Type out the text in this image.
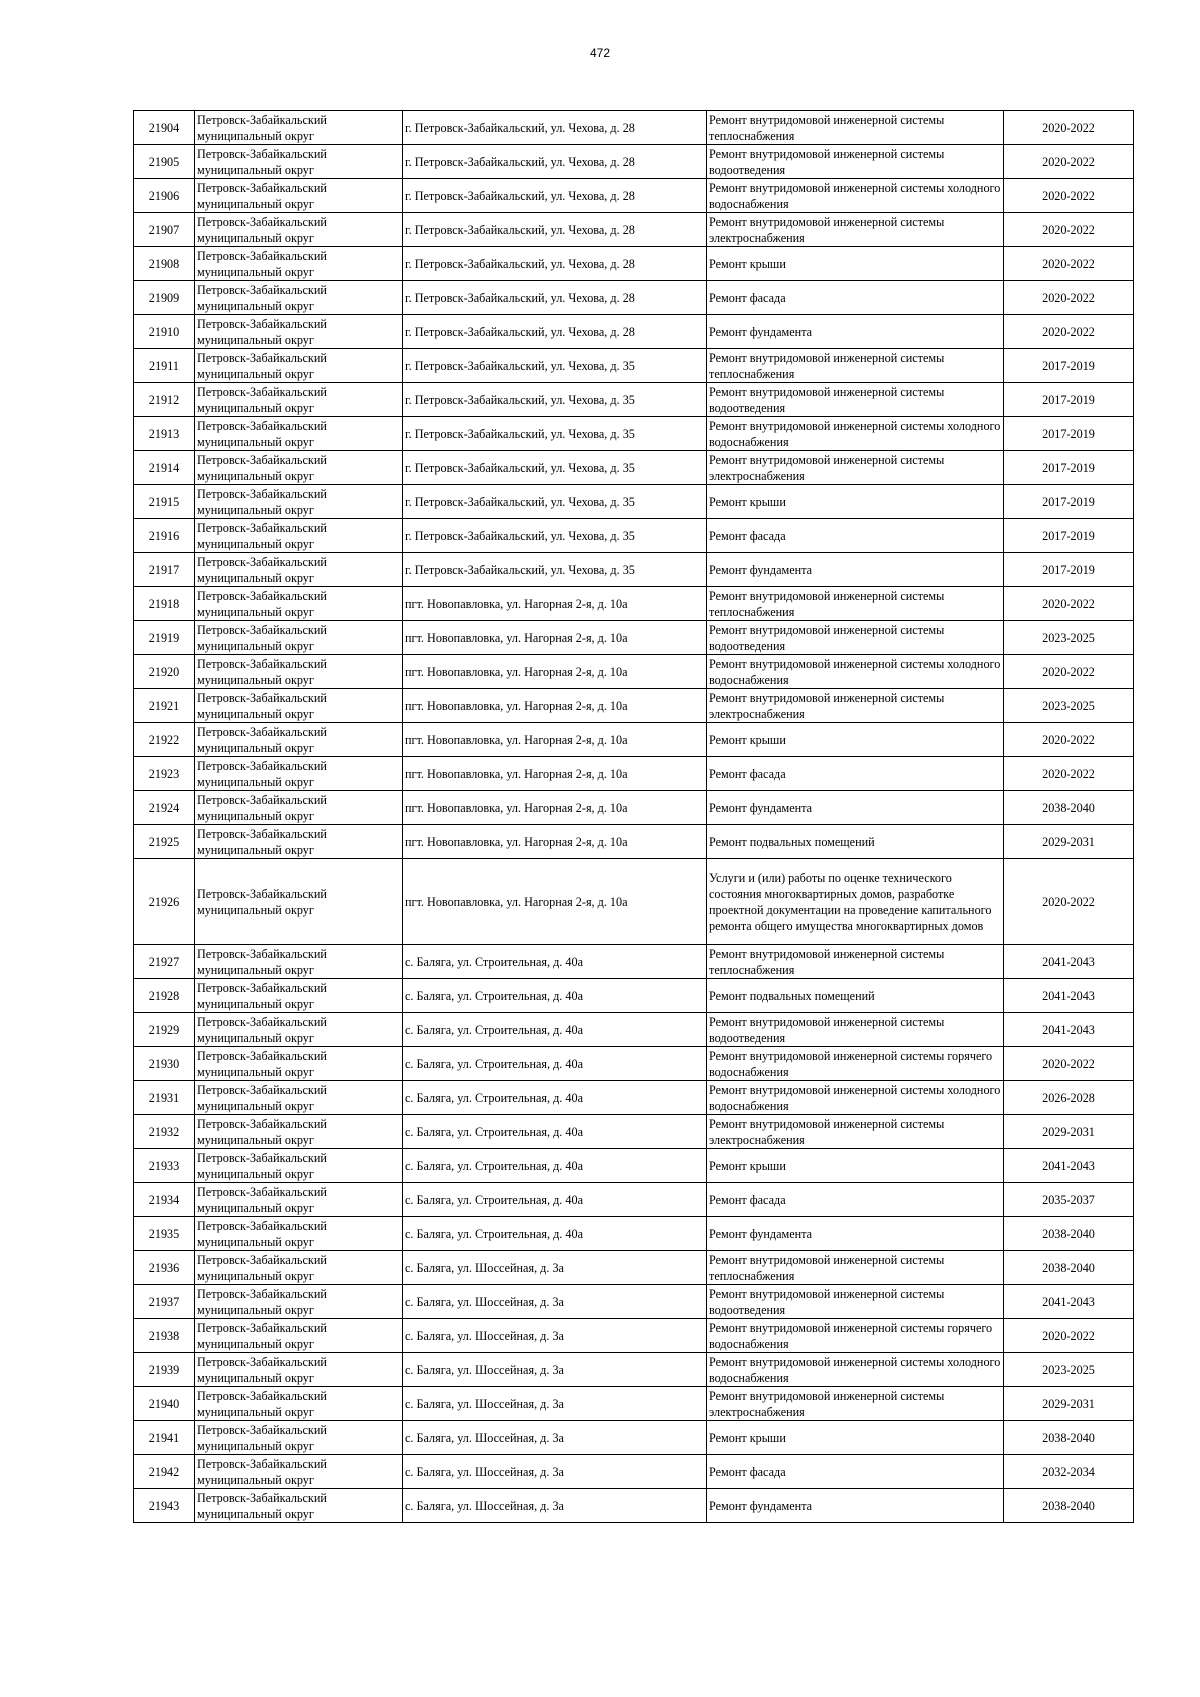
472
21904	Петровск-Забайкальский муниципальный округ	г. Петровск-Забайкальский, ул. Чехова, д. 28	Ремонт внутридомовой инженерной системы теплоснабжения	2020-2022
21905	Петровск-Забайкальский муниципальный округ	г. Петровск-Забайкальский, ул. Чехова, д. 28	Ремонт внутридомовой инженерной системы водоотведения	2020-2022
21906	Петровск-Забайкальский муниципальный округ	г. Петровск-Забайкальский, ул. Чехова, д. 28	Ремонт внутридомовой инженерной системы холодного водоснабжения	2020-2022
21907	Петровск-Забайкальский муниципальный округ	г. Петровск-Забайкальский, ул. Чехова, д. 28	Ремонт внутридомовой инженерной системы электроснабжения	2020-2022
21908	Петровск-Забайкальский муниципальный округ	г. Петровск-Забайкальский, ул. Чехова, д. 28	Ремонт крыши	2020-2022
21909	Петровск-Забайкальский муниципальный округ	г. Петровск-Забайкальский, ул. Чехова, д. 28	Ремонт фасада	2020-2022
21910	Петровск-Забайкальский муниципальный округ	г. Петровск-Забайкальский, ул. Чехова, д. 28	Ремонт фундамента	2020-2022
21911	Петровск-Забайкальский муниципальный округ	г. Петровск-Забайкальский, ул. Чехова, д. 35	Ремонт внутридомовой инженерной системы теплоснабжения	2017-2019
21912	Петровск-Забайкальский муниципальный округ	г. Петровск-Забайкальский, ул. Чехова, д. 35	Ремонт внутридомовой инженерной системы водоотведения	2017-2019
21913	Петровск-Забайкальский муниципальный округ	г. Петровск-Забайкальский, ул. Чехова, д. 35	Ремонт внутридомовой инженерной системы холодного водоснабжения	2017-2019
21914	Петровск-Забайкальский муниципальный округ	г. Петровск-Забайкальский, ул. Чехова, д. 35	Ремонт внутридомовой инженерной системы электроснабжения	2017-2019
21915	Петровск-Забайкальский муниципальный округ	г. Петровск-Забайкальский, ул. Чехова, д. 35	Ремонт крыши	2017-2019
21916	Петровск-Забайкальский муниципальный округ	г. Петровск-Забайкальский, ул. Чехова, д. 35	Ремонт фасада	2017-2019
21917	Петровск-Забайкальский муниципальный округ	г. Петровск-Забайкальский, ул. Чехова, д. 35	Ремонт фундамента	2017-2019
21918	Петровск-Забайкальский муниципальный округ	пгт. Новопавловка, ул. Нагорная 2-я, д. 10а	Ремонт внутридомовой инженерной системы теплоснабжения	2020-2022
21919	Петровск-Забайкальский муниципальный округ	пгт. Новопавловка, ул. Нагорная 2-я, д. 10а	Ремонт внутридомовой инженерной системы водоотведения	2023-2025
21920	Петровск-Забайкальский муниципальный округ	пгт. Новопавловка, ул. Нагорная 2-я, д. 10а	Ремонт внутридомовой инженерной системы холодного водоснабжения	2020-2022
21921	Петровск-Забайкальский муниципальный округ	пгт. Новопавловка, ул. Нагорная 2-я, д. 10а	Ремонт внутридомовой инженерной системы электроснабжения	2023-2025
21922	Петровск-Забайкальский муниципальный округ	пгт. Новопавловка, ул. Нагорная 2-я, д. 10а	Ремонт крыши	2020-2022
21923	Петровск-Забайкальский муниципальный округ	пгт. Новопавловка, ул. Нагорная 2-я, д. 10а	Ремонт фасада	2020-2022
21924	Петровск-Забайкальский муниципальный округ	пгт. Новопавловка, ул. Нагорная 2-я, д. 10а	Ремонт фундамента	2038-2040
21925	Петровск-Забайкальский муниципальный округ	пгт. Новопавловка, ул. Нагорная 2-я, д. 10а	Ремонт подвальных помещений	2029-2031
21926	Петровск-Забайкальский муниципальный округ	пгт. Новопавловка, ул. Нагорная 2-я, д. 10а	Услуги и (или) работы по оценке технического состояния многоквартирных домов, разработке проектной документации на проведение капитального ремонта общего имущества многоквартирных домов	2020-2022
21927	Петровск-Забайкальский муниципальный округ	с. Баляга, ул. Строительная, д. 40а	Ремонт внутридомовой инженерной системы теплоснабжения	2041-2043
21928	Петровск-Забайкальский муниципальный округ	с. Баляга, ул. Строительная, д. 40а	Ремонт подвальных помещений	2041-2043
21929	Петровск-Забайкальский муниципальный округ	с. Баляга, ул. Строительная, д. 40а	Ремонт внутридомовой инженерной системы водоотведения	2041-2043
21930	Петровск-Забайкальский муниципальный округ	с. Баляга, ул. Строительная, д. 40а	Ремонт внутридомовой инженерной системы горячего водоснабжения	2020-2022
21931	Петровск-Забайкальский муниципальный округ	с. Баляга, ул. Строительная, д. 40а	Ремонт внутридомовой инженерной системы холодного водоснабжения	2026-2028
21932	Петровск-Забайкальский муниципальный округ	с. Баляга, ул. Строительная, д. 40а	Ремонт внутридомовой инженерной системы электроснабжения	2029-2031
21933	Петровск-Забайкальский муниципальный округ	с. Баляга, ул. Строительная, д. 40а	Ремонт крыши	2041-2043
21934	Петровск-Забайкальский муниципальный округ	с. Баляга, ул. Строительная, д. 40а	Ремонт фасада	2035-2037
21935	Петровск-Забайкальский муниципальный округ	с. Баляга, ул. Строительная, д. 40а	Ремонт фундамента	2038-2040
21936	Петровск-Забайкальский муниципальный округ	с. Баляга, ул. Шоссейная, д. 3а	Ремонт внутридомовой инженерной системы теплоснабжения	2038-2040
21937	Петровск-Забайкальский муниципальный округ	с. Баляга, ул. Шоссейная, д. 3а	Ремонт внутридомовой инженерной системы водоотведения	2041-2043
21938	Петровск-Забайкальский муниципальный округ	с. Баляга, ул. Шоссейная, д. 3а	Ремонт внутридомовой инженерной системы горячего водоснабжения	2020-2022
21939	Петровск-Забайкальский муниципальный округ	с. Баляга, ул. Шоссейная, д. 3а	Ремонт внутридомовой инженерной системы холодного водоснабжения	2023-2025
21940	Петровск-Забайкальский муниципальный округ	с. Баляга, ул. Шоссейная, д. 3а	Ремонт внутридомовой инженерной системы электроснабжения	2029-2031
21941	Петровск-Забайкальский муниципальный округ	с. Баляга, ул. Шоссейная, д. 3а	Ремонт крыши	2038-2040
21942	Петровск-Забайкальский муниципальный округ	с. Баляга, ул. Шоссейная, д. 3а	Ремонт фасада	2032-2034
21943	Петровск-Забайкальский муниципальный округ	с. Баляга, ул. Шоссейная, д. 3а	Ремонт фундамента	2038-2040
